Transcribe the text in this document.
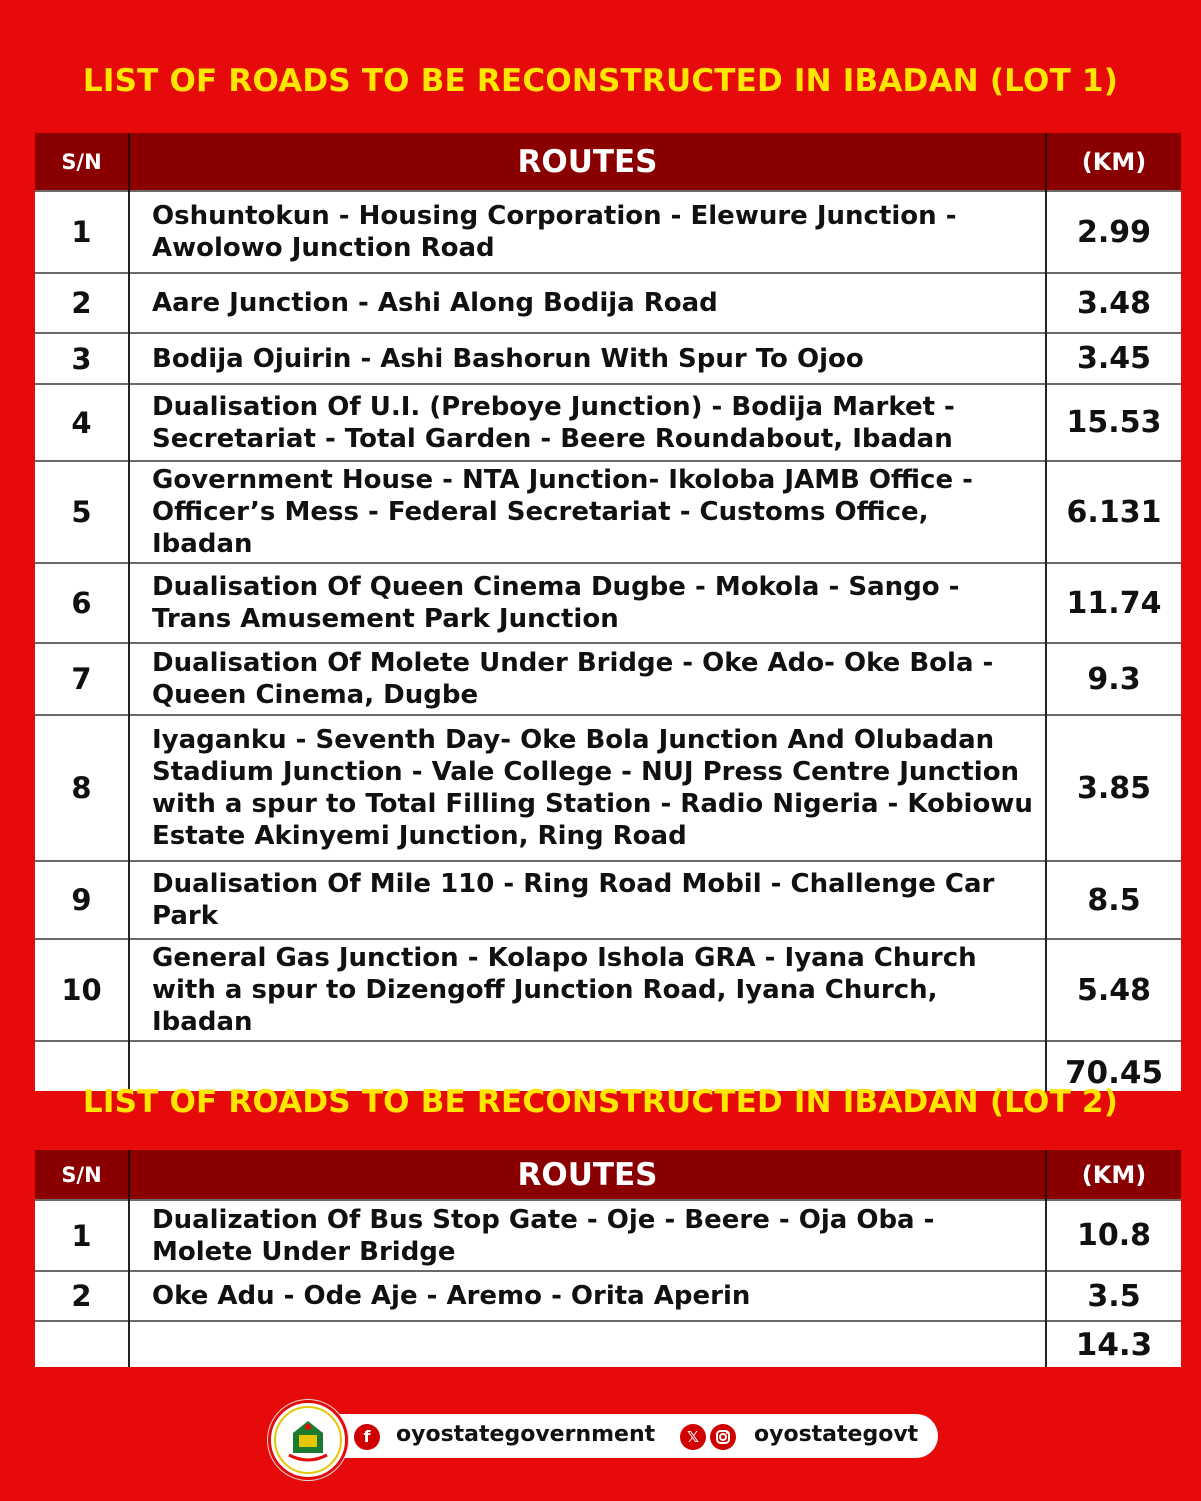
LIST OF ROADS TO BE RECONSTRUCTED IN IBADAN (LOT 1)
S/N	ROUTES	(KM)
1	Oshuntokun - Housing Corporation - Elewure Junction - Awolowo Junction Road	2.99
2	Aare Junction - Ashi Along Bodija Road	3.48
3	Bodija Ojuirin - Ashi Bashorun With Spur To Ojoo	3.45
4	Dualisation Of U.I. (Preboye Junction) - Bodija Market - Secretariat - Total Garden - Beere Roundabout, Ibadan	15.53
5	Government House - NTA Junction- Ikoloba JAMB Office - Officer’s Mess - Federal Secretariat - Customs Office, Ibadan	6.131
6	Dualisation Of Queen Cinema Dugbe - Mokola - Sango - Trans Amusement Park Junction	11.74
7	Dualisation Of Molete Under Bridge - Oke Ado- Oke Bola - Queen Cinema, Dugbe	9.3
8	Iyaganku - Seventh Day- Oke Bola Junction And Olubadan Stadium Junction - Vale College - NUJ Press Centre Junction with a spur to Total Filling Station - Radio Nigeria - Kobiowu Estate Akinyemi Junction, Ring Road	3.85
9	Dualisation Of Mile 110 - Ring Road Mobil - Challenge Car Park	8.5
10	General Gas Junction - Kolapo Ishola GRA - Iyana Church with a spur to Dizengoff Junction Road, Iyana Church, Ibadan	5.48
		70.45
LIST OF ROADS TO BE RECONSTRUCTED IN IBADAN (LOT 2)
S/N	ROUTES	(KM)
1	Dualization Of Bus Stop Gate - Oje - Beere - Oja Oba - Molete Under Bridge	10.8
2	Oke Adu - Ode Aje - Aremo - Orita Aperin	3.5
		14.3
f	oyostategovernment	𝕏	oyostategovt
